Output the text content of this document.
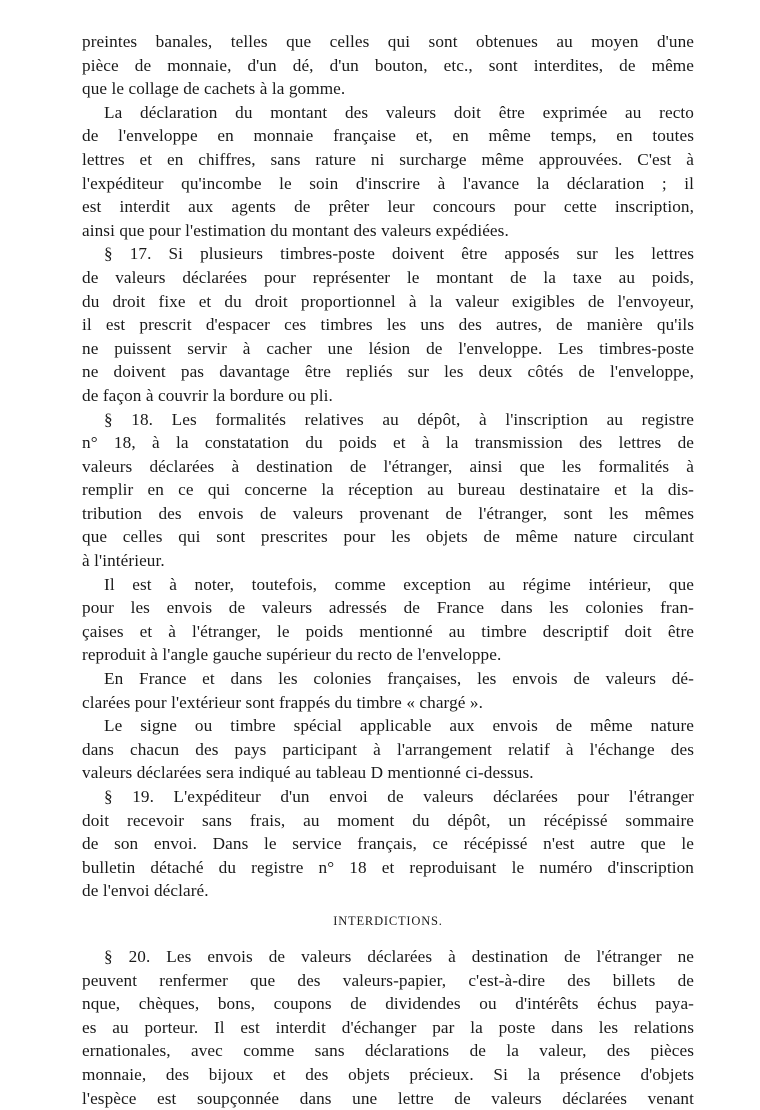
preintes banales, telles que celles qui sont obtenues au moyen d'une
pièce de monnaie, d'un dé, d'un bouton, etc., sont interdites, de même
que le collage de cachets à la gomme.
La déclaration du montant des valeurs doit être exprimée au recto
de l'enveloppe en monnaie française et, en même temps, en toutes
lettres et en chiffres, sans rature ni surcharge même approuvées. C'est à
l'expéditeur qu'incombe le soin d'inscrire à l'avance la déclaration ; il
est interdit aux agents de prêter leur concours pour cette inscription,
ainsi que pour l'estimation du montant des valeurs expédiées.
§ 17. Si plusieurs timbres-poste doivent être apposés sur les lettres
de valeurs déclarées pour représenter le montant de la taxe au poids,
du droit fixe et du droit proportionnel à la valeur exigibles de l'envoyeur,
il est prescrit d'espacer ces timbres les uns des autres, de manière qu'ils
ne puissent servir à cacher une lésion de l'enveloppe. Les timbres-poste
ne doivent pas davantage être repliés sur les deux côtés de l'enveloppe,
de façon à couvrir la bordure ou pli.
§ 18. Les formalités relatives au dépôt, à l'inscription au registre
n° 18, à la constatation du poids et à la transmission des lettres de
valeurs déclarées à destination de l'étranger, ainsi que les formalités à
remplir en ce qui concerne la réception au bureau destinataire et la dis-
tribution des envois de valeurs provenant de l'étranger, sont les mêmes
que celles qui sont prescrites pour les objets de même nature circulant
à l'intérieur.
Il est à noter, toutefois, comme exception au régime intérieur, que
pour les envois de valeurs adressés de France dans les colonies fran-
çaises et à l'étranger, le poids mentionné au timbre descriptif doit être
reproduit à l'angle gauche supérieur du recto de l'enveloppe.
En France et dans les colonies françaises, les envois de valeurs dé-
clarées pour l'extérieur sont frappés du timbre « chargé ».
Le signe ou timbre spécial applicable aux envois de même nature
dans chacun des pays participant à l'arrangement relatif à l'échange des
valeurs déclarées sera indiqué au tableau D mentionné ci-dessus.
§ 19. L'expéditeur d'un envoi de valeurs déclarées pour l'étranger
doit recevoir sans frais, au moment du dépôt, un récépissé sommaire
de son envoi. Dans le service français, ce récépissé n'est autre que le
bulletin détaché du registre n° 18 et reproduisant le numéro d'inscription
de l'envoi déclaré.
INTERDICTIONS.
§ 20. Les envois de valeurs déclarées à destination de l'étranger ne
peuvent renfermer que des valeurs-papier, c'est-à-dire des billets de
nque, chèques, bons, coupons de dividendes ou d'intérêts échus paya-
es au porteur. Il est interdit d'échanger par la poste dans les relations
ernationales, avec comme sans déclarations de la valeur, des pièces
monnaie, des bijoux et des objets précieux. Si la présence d'objets
l'espèce est soupçonnée dans une lettre de valeurs déclarées venant
